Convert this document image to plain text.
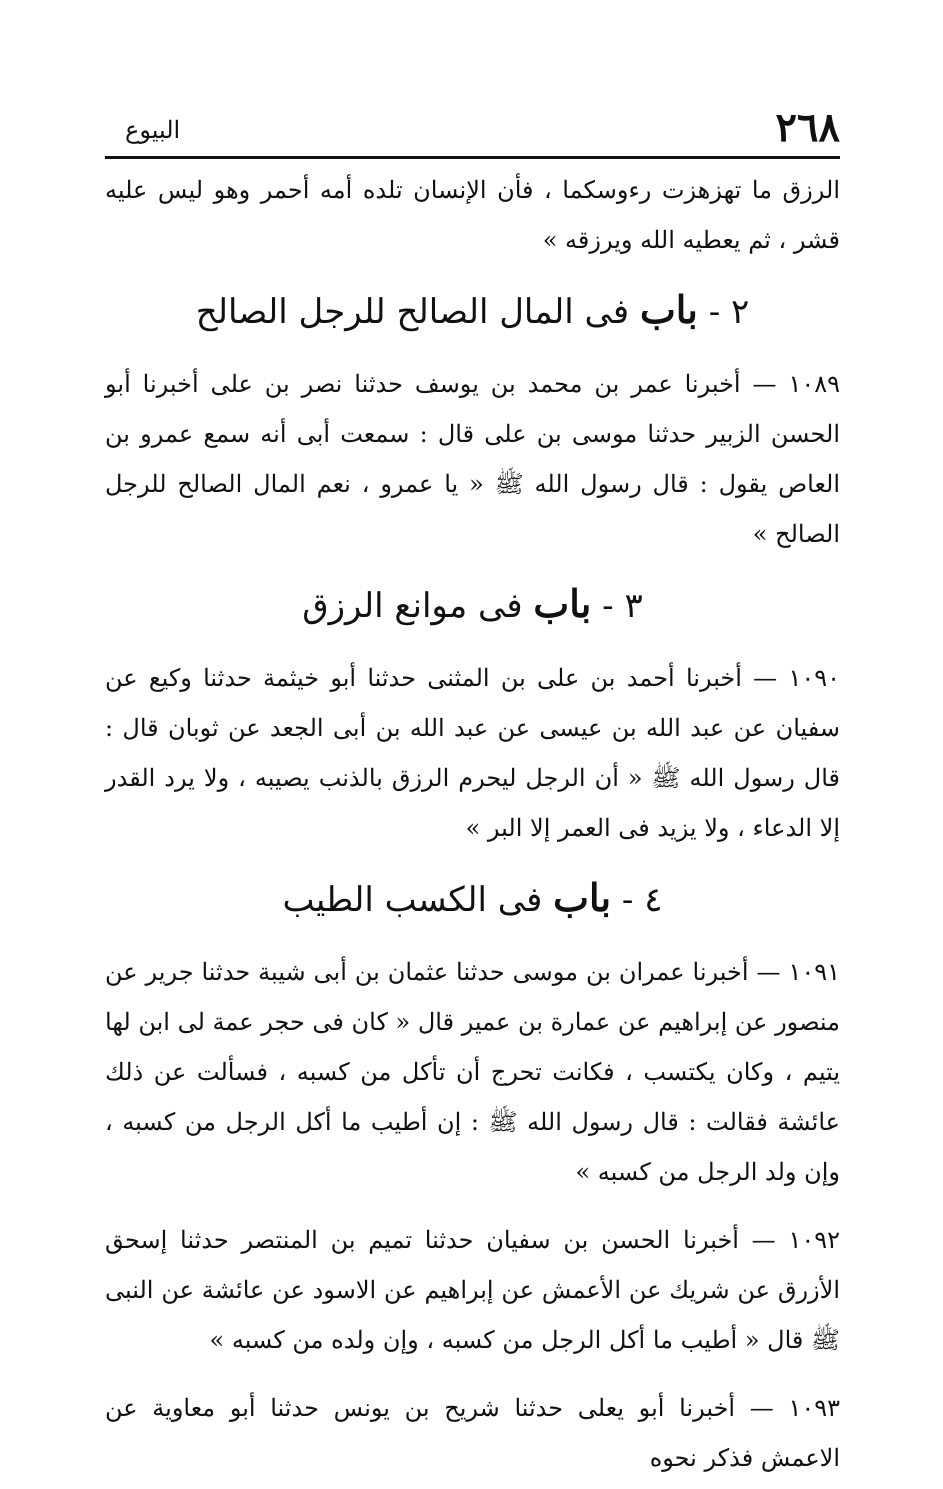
٢٦٨
البيوع

الرزق ما تهزهزت رءوسكما ، فأن الإنسان تلده أمه أحمر وهو ليس عليه قشر ، ثم يعطيه الله ويرزقه »

٢ - باب فى المال الصالح للرجل الصالح

١٠٨٩ — أخبرنا عمر بن محمد بن يوسف حدثنا نصر بن على أخبرنا أبو الحسن الزبير حدثنا موسى بن على قال : سمعت أبى أنه سمع عمرو بن العاص يقول : قال رسول الله ﷺ « يا عمرو ، نعم المال الصالح للرجل الصالح »

٣ - باب فى موانع الرزق

١٠٩٠ — أخبرنا أحمد بن على بن المثنى حدثنا أبو خيثمة حدثنا وكيع عن سفيان عن عبد الله بن عيسى عن عبد الله بن أبى الجعد عن ثوبان قال : قال رسول الله ﷺ « أن الرجل ليحرم الرزق بالذنب يصيبه ، ولا يرد القدر إلا الدعاء ، ولا يزيد فى العمر إلا البر »

٤ - باب فى الكسب الطيب

١٠٩١ — أخبرنا عمران بن موسى حدثنا عثمان بن أبى شيبة حدثنا جرير عن منصور عن إبراهيم عن عمارة بن عمير قال « كان فى حجر عمة لى ابن لها يتيم ، وكان يكتسب ، فكانت تحرج أن تأكل من كسبه ، فسألت عن ذلك عائشة فقالت : قال رسول الله ﷺ : إن أطيب ما أكل الرجل من كسبه ، وإن ولد الرجل من كسبه »

١٠٩٢ — أخبرنا الحسن بن سفيان حدثنا تميم بن المنتصر حدثنا إسحق الأزرق عن شريك عن الأعمش عن إبراهيم عن الاسود عن عائشة عن النبى ﷺ قال « أطيب ما أكل الرجل من كسبه ، وإن ولده من كسبه »

١٠٩٣ — أخبرنا أبو يعلى حدثنا شريح بن يونس حدثنا أبو معاوية عن الاعمش فذكر نحوه
